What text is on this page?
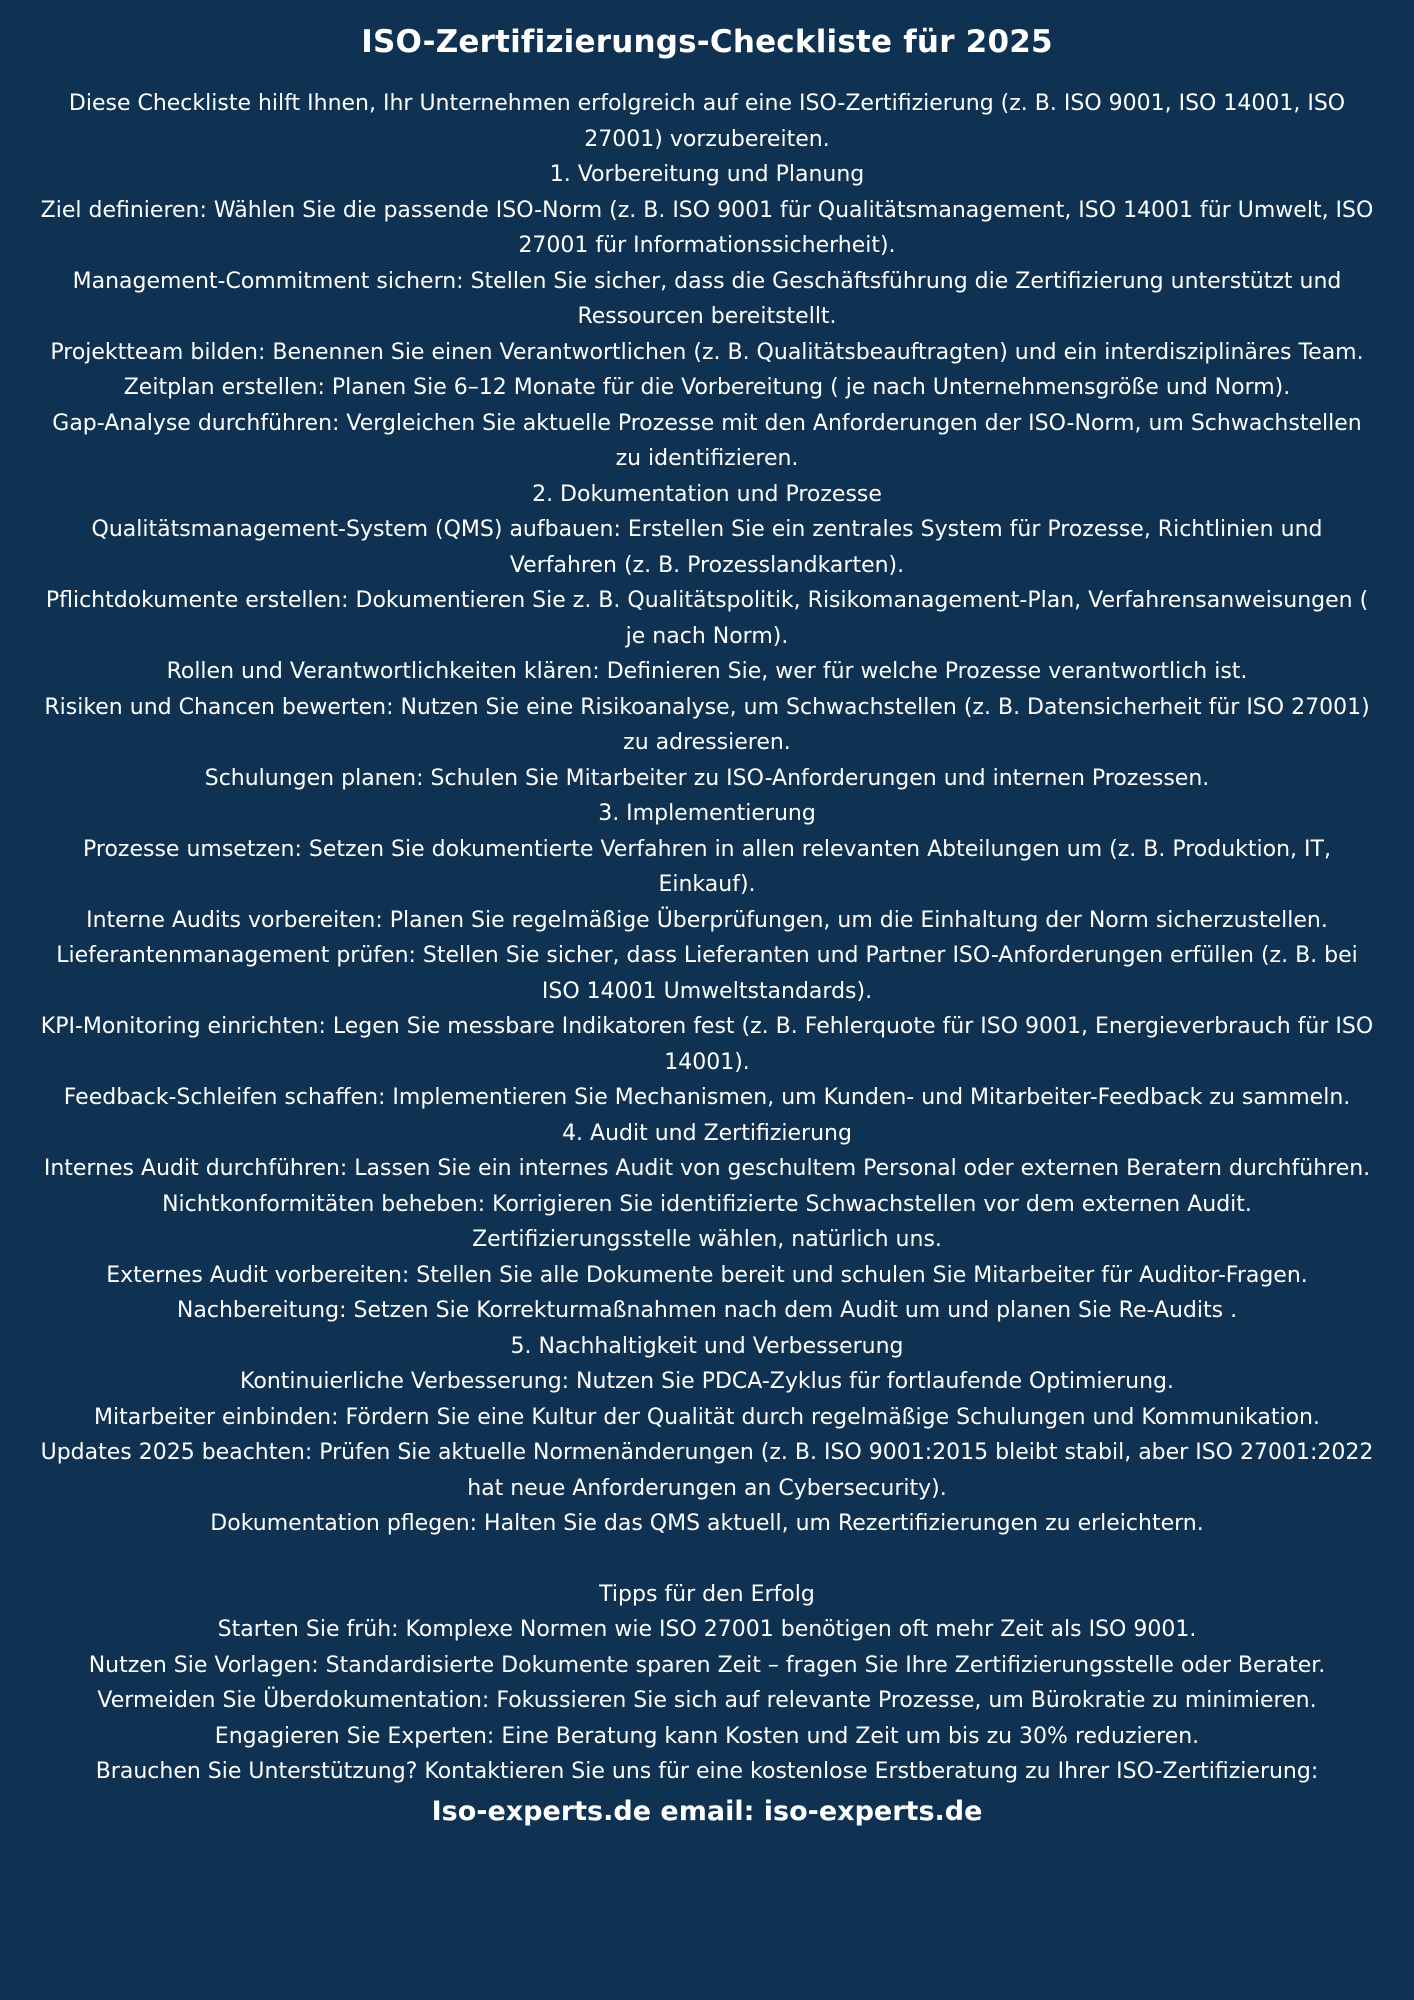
ISO-Zertifizierungs-Checkliste für 2025

Diese Checkliste hilft Ihnen, Ihr Unternehmen erfolgreich auf eine ISO-Zertifizierung (z. B. ISO 9001, ISO 14001, ISO 27001) vorzubereiten.

1. Vorbereitung und Planung

Ziel definieren: Wählen Sie die passende ISO-Norm (z. B. ISO 9001 für Qualitätsmanagement, ISO 14001 für Umwelt, ISO 27001 für Informationssicherheit).

Management-Commitment sichern: Stellen Sie sicher, dass die Geschäftsführung die Zertifizierung unterstützt und Ressourcen bereitstellt.

Projektteam bilden: Benennen Sie einen Verantwortlichen (z. B. Qualitätsbeauftragten) und ein interdisziplinäres Team.

Zeitplan erstellen: Planen Sie 6–12 Monate für die Vorbereitung ( je nach Unternehmensgröße und Norm).

Gap-Analyse durchführen: Vergleichen Sie aktuelle Prozesse mit den Anforderungen der ISO-Norm, um Schwachstellen zu identifizieren.

2. Dokumentation und Prozesse

Qualitätsmanagement-System (QMS) aufbauen: Erstellen Sie ein zentrales System für Prozesse, Richtlinien und Verfahren (z. B. Prozesslandkarten).

Pflichtdokumente erstellen: Dokumentieren Sie z. B. Qualitätspolitik, Risikomanagement-Plan, Verfahrensanweisungen ( je nach Norm).

Rollen und Verantwortlichkeiten klären: Definieren Sie, wer für welche Prozesse verantwortlich ist.

Risiken und Chancen bewerten: Nutzen Sie eine Risikoanalyse, um Schwachstellen (z. B. Datensicherheit für ISO 27001) zu adressieren.

Schulungen planen: Schulen Sie Mitarbeiter zu ISO-Anforderungen und internen Prozessen.

3. Implementierung

Prozesse umsetzen: Setzen Sie dokumentierte Verfahren in allen relevanten Abteilungen um (z. B. Produktion, IT, Einkauf).

Interne Audits vorbereiten: Planen Sie regelmäßige Überprüfungen, um die Einhaltung der Norm sicherzustellen.

Lieferantenmanagement prüfen: Stellen Sie sicher, dass Lieferanten und Partner ISO-Anforderungen erfüllen (z. B. bei ISO 14001 Umweltstandards).

KPI-Monitoring einrichten: Legen Sie messbare Indikatoren fest (z. B. Fehlerquote für ISO 9001, Energieverbrauch für ISO 14001).

Feedback-Schleifen schaffen: Implementieren Sie Mechanismen, um Kunden- und Mitarbeiter-Feedback zu sammeln.

4. Audit und Zertifizierung

Internes Audit durchführen: Lassen Sie ein internes Audit von geschultem Personal oder externen Beratern durchführen.

Nichtkonformitäten beheben: Korrigieren Sie identifizierte Schwachstellen vor dem externen Audit.

Zertifizierungsstelle wählen, natürlich uns.

Externes Audit vorbereiten: Stellen Sie alle Dokumente bereit und schulen Sie Mitarbeiter für Auditor-Fragen.

Nachbereitung: Setzen Sie Korrekturmaßnahmen nach dem Audit um und planen Sie Re-Audits .

5. Nachhaltigkeit und Verbesserung

Kontinuierliche Verbesserung: Nutzen Sie PDCA-Zyklus für fortlaufende Optimierung.

Mitarbeiter einbinden: Fördern Sie eine Kultur der Qualität durch regelmäßige Schulungen und Kommunikation.

Updates 2025 beachten: Prüfen Sie aktuelle Normenänderungen (z. B. ISO 9001:2015 bleibt stabil, aber ISO 27001:2022 hat neue Anforderungen an Cybersecurity).

Dokumentation pflegen: Halten Sie das QMS aktuell, um Rezertifizierungen zu erleichtern.

Tipps für den Erfolg

Starten Sie früh: Komplexe Normen wie ISO 27001 benötigen oft mehr Zeit als ISO 9001.

Nutzen Sie Vorlagen: Standardisierte Dokumente sparen Zeit – fragen Sie Ihre Zertifizierungsstelle oder Berater.

Vermeiden Sie Überdokumentation: Fokussieren Sie sich auf relevante Prozesse, um Bürokratie zu minimieren.

Engagieren Sie Experten: Eine Beratung kann Kosten und Zeit um bis zu 30% reduzieren.

Brauchen Sie Unterstützung? Kontaktieren Sie uns für eine kostenlose Erstberatung zu Ihrer ISO-Zertifizierung:

Iso-experts.de email: iso-experts.de
